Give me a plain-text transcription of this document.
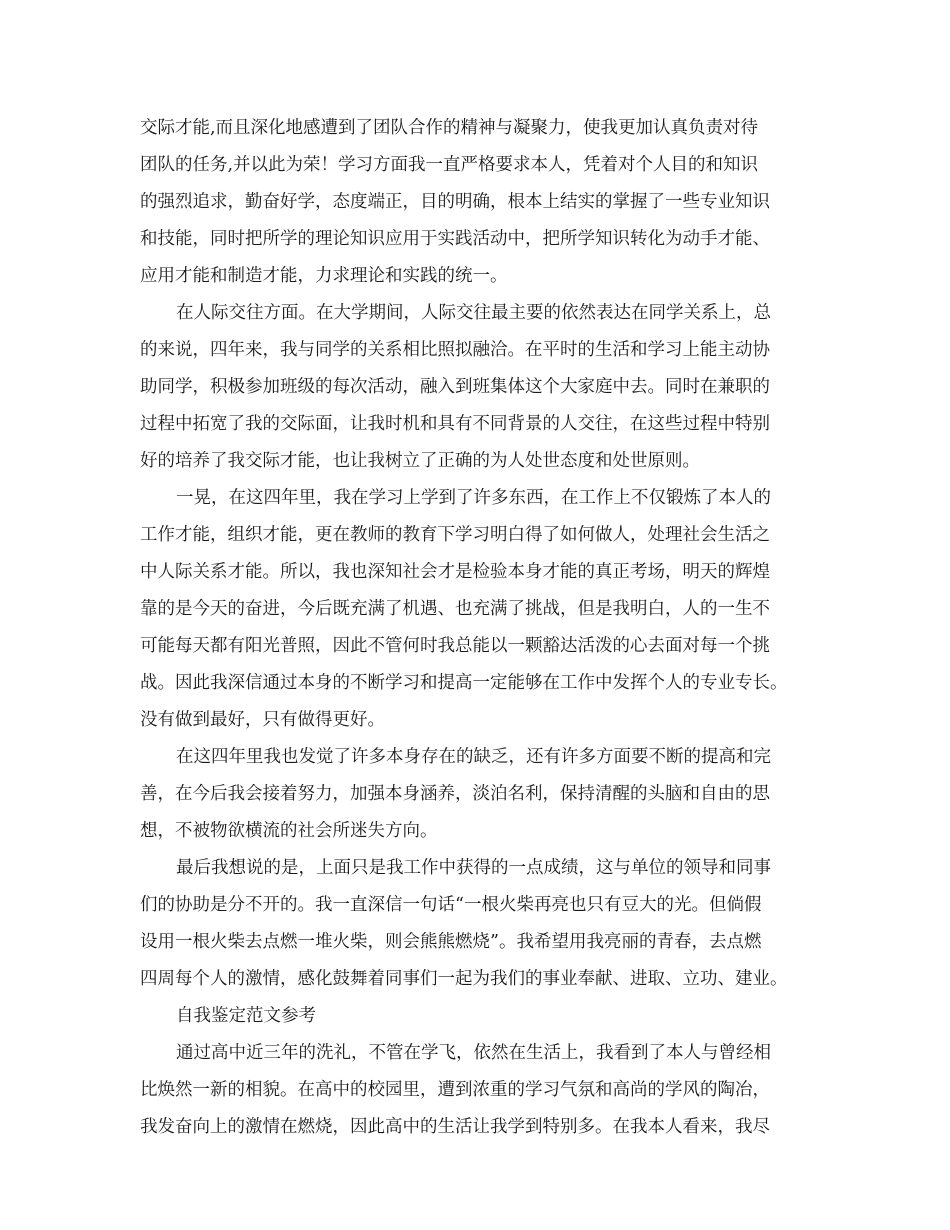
交际才能,而且深化地感遭到了团队合作的精神与凝聚力，使我更加认真负责对待
团队的任务,并以此为荣！学习方面我一直严格要求本人，凭着对个人目的和知识
的强烈追求，勤奋好学，态度端正，目的明确，根本上结实的掌握了一些专业知识
和技能，同时把所学的理论知识应用于实践活动中，把所学知识转化为动手才能、
应用才能和制造才能，力求理论和实践的统一。
在人际交往方面。在大学期间，人际交往最主要的依然表达在同学关系上，总
的来说，四年来，我与同学的关系相比照拟融洽。在平时的生活和学习上能主动协
助同学，积极参加班级的每次活动，融入到班集体这个大家庭中去。同时在兼职的
过程中拓宽了我的交际面，让我时机和具有不同背景的人交往，在这些过程中特别
好的培养了我交际才能，也让我树立了正确的为人处世态度和处世原则。
一晃，在这四年里，我在学习上学到了许多东西，在工作上不仅锻炼了本人的
工作才能，组织才能，更在教师的教育下学习明白得了如何做人，处理社会生活之
中人际关系才能。所以，我也深知社会才是检验本身才能的真正考场，明天的辉煌
靠的是今天的奋进，今后既充满了机遇、也充满了挑战，但是我明白，人的一生不
可能每天都有阳光普照，因此不管何时我总能以一颗豁达活泼的心去面对每一个挑
战。因此我深信通过本身的不断学习和提高一定能够在工作中发挥个人的专业专长。
没有做到最好，只有做得更好。
在这四年里我也发觉了许多本身存在的缺乏，还有许多方面要不断的提高和完
善，在今后我会接着努力，加强本身涵养，淡泊名利，保持清醒的头脑和自由的思
想，不被物欲横流的社会所迷失方向。
最后我想说的是，上面只是我工作中获得的一点成绩，这与单位的领导和同事
们的协助是分不开的。我一直深信一句话“一根火柴再亮也只有豆大的光。但倘假
设用一根火柴去点燃一堆火柴，则会熊熊燃烧”。我希望用我亮丽的青春，去点燃
四周每个人的激情，感化鼓舞着同事们一起为我们的事业奉献、进取、立功、建业。
自我鉴定范文参考
通过高中近三年的洗礼，不管在学飞，依然在生活上，我看到了本人与曾经相
比焕然一新的相貌。在高中的校园里，遭到浓重的学习气氛和高尚的学风的陶冶，
我发奋向上的激情在燃烧，因此高中的生活让我学到特别多。在我本人看来，我尽
